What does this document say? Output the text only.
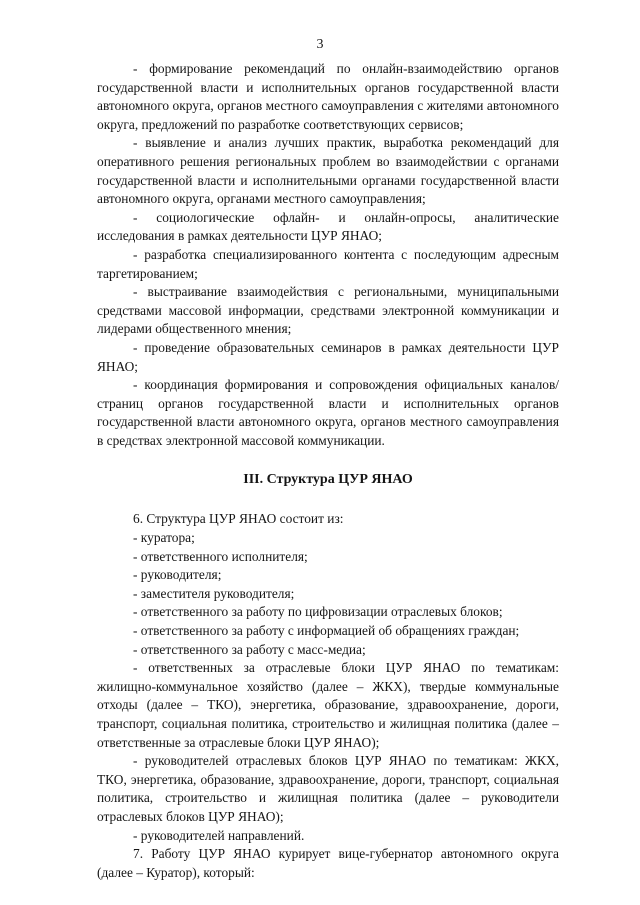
3

- формирование рекомендаций по онлайн-взаимодействию органов государственной власти и исполнительных органов государственной власти автономного округа, органов местного самоуправления с жителями автономного округа, предложений по разработке соответствующих сервисов;

- выявление и анализ лучших практик, выработка рекомендаций для оперативного решения региональных проблем во взаимодействии с органами государственной власти и исполнительными органами государственной власти автономного округа, органами местного самоуправления;

- социологические офлайн- и онлайн-опросы, аналитические исследования в рамках деятельности ЦУР ЯНАО;

- разработка специализированного контента с последующим адресным таргетированием;

- выстраивание взаимодействия с региональными, муниципальными средствами массовой информации, средствами электронной коммуникации и лидерами общественного мнения;

- проведение образовательных семинаров в рамках деятельности ЦУР ЯНАО;

- координация формирования и сопровождения официальных каналов/страниц органов государственной власти и исполнительных органов государственной власти автономного округа, органов местного самоуправления в средствах электронной массовой коммуникации.

III. Структура ЦУР ЯНАО

6. Структура ЦУР ЯНАО состоит из:

- куратора;

- ответственного исполнителя;

- руководителя;

- заместителя руководителя;

- ответственного за работу по цифровизации отраслевых блоков;

- ответственного за работу с информацией об обращениях граждан;

- ответственного за работу с масс-медиа;

- ответственных за отраслевые блоки ЦУР ЯНАО по тематикам: жилищно-коммунальное хозяйство (далее – ЖКХ), твердые коммунальные отходы (далее – ТКО), энергетика, образование, здравоохранение, дороги, транспорт, социальная политика, строительство и жилищная политика (далее – ответственные за отраслевые блоки ЦУР ЯНАО);

- руководителей отраслевых блоков ЦУР ЯНАО по тематикам: ЖКХ, ТКО, энергетика, образование, здравоохранение, дороги, транспорт, социальная политика, строительство и жилищная политика (далее – руководители отраслевых блоков ЦУР ЯНАО);

- руководителей направлений.

7. Работу ЦУР ЯНАО курирует вице-губернатор автономного округа (далее – Куратор), который:
